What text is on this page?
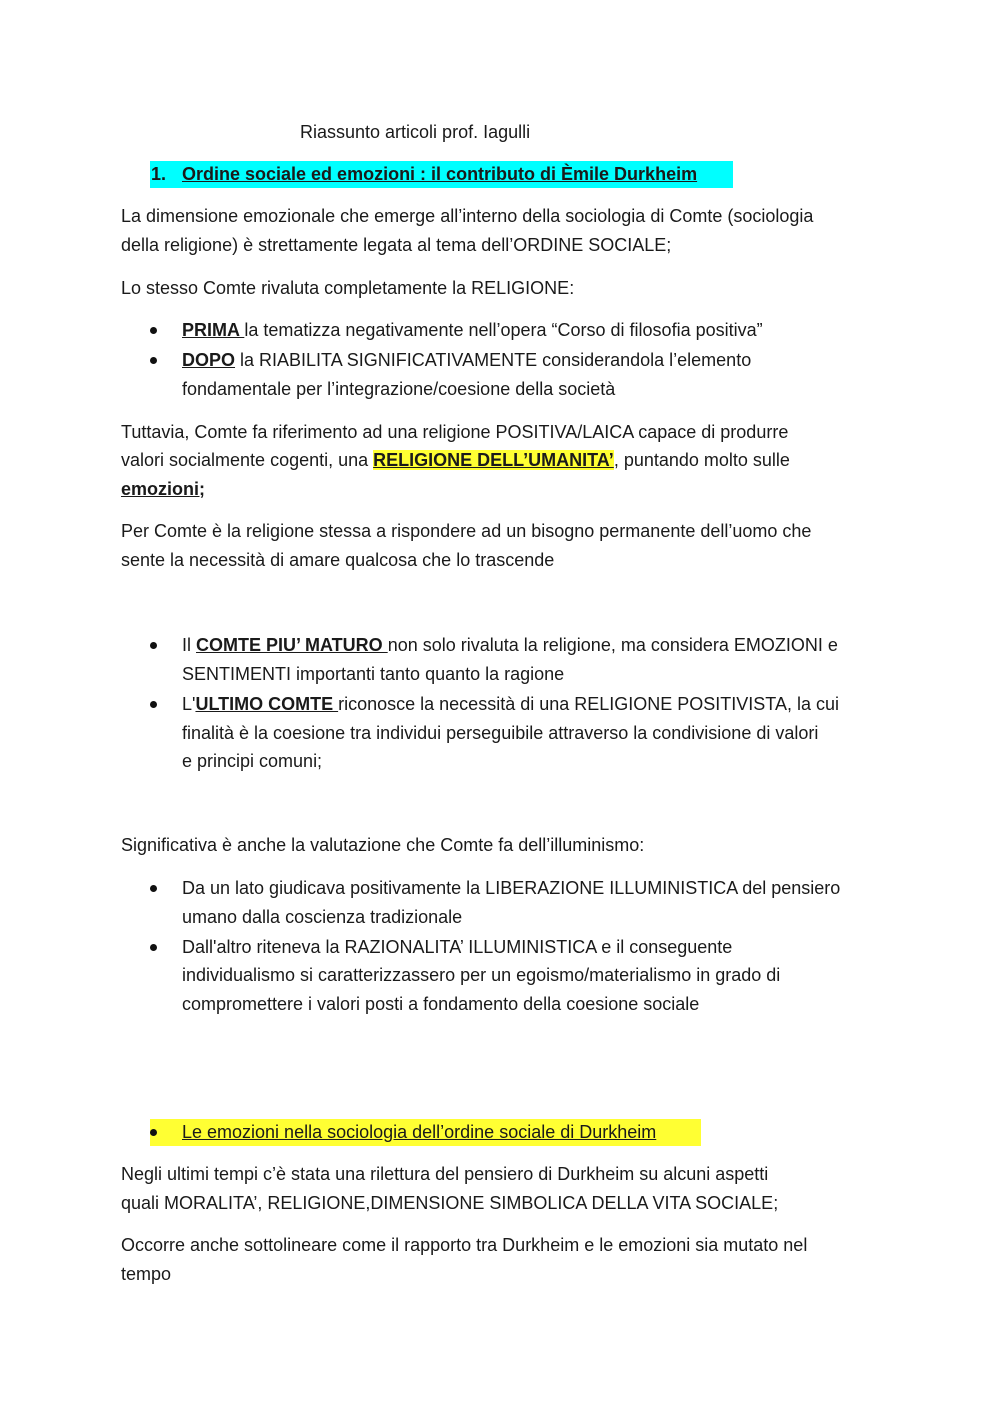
Riassunto articoli prof. Iagulli
1. Ordine sociale ed emozioni : il contributo di Èmile Durkheim
La dimensione emozionale che emerge all’interno della sociologia di Comte (sociologia
della religione) è strettamente legata al tema dell’ORDINE SOCIALE;
Lo stesso Comte rivaluta completamente la RELIGIONE:
PRIMA la tematizza negativamente nell’opera “Corso di filosofia positiva”
DOPO la RIABILITA SIGNIFICATIVAMENTE considerandola l’elemento
fondamentale per l’integrazione/coesione della società
Tuttavia, Comte fa riferimento ad una religione POSITIVA/LAICA capace di produrre
valori socialmente cogenti, una RELIGIONE DELL’UMANITA’, puntando molto sulle
emozioni;
Per Comte è la religione stessa a rispondere ad un bisogno permanente dell’uomo che
sente la necessità di amare qualcosa che lo trascende
Il COMTE PIU’ MATURO non solo rivaluta la religione, ma considera EMOZIONI e
SENTIMENTI importanti tanto quanto la ragione
L'ULTIMO COMTE riconosce la necessità di una RELIGIONE POSITIVISTA, la cui
finalità è la coesione tra individui perseguibile attraverso la condivisione di valori
e principi comuni;
Significativa è anche la valutazione che Comte fa dell’illuminismo:
Da un lato giudicava positivamente la LIBERAZIONE ILLUMINISTICA del pensiero
umano dalla coscienza tradizionale
Dall'altro riteneva la RAZIONALITA’ ILLUMINISTICA e il conseguente
individualismo si caratterizzassero per un egoismo/materialismo in grado di
compromettere i valori posti a fondamento della coesione sociale
Le emozioni nella sociologia dell’ordine sociale di Durkheim
Negli ultimi tempi c’è stata una rilettura del pensiero di Durkheim su alcuni aspetti
quali MORALITA’, RELIGIONE,DIMENSIONE SIMBOLICA DELLA VITA SOCIALE;
Occorre anche sottolineare come il rapporto tra Durkheim e le emozioni sia mutato nel
tempo
